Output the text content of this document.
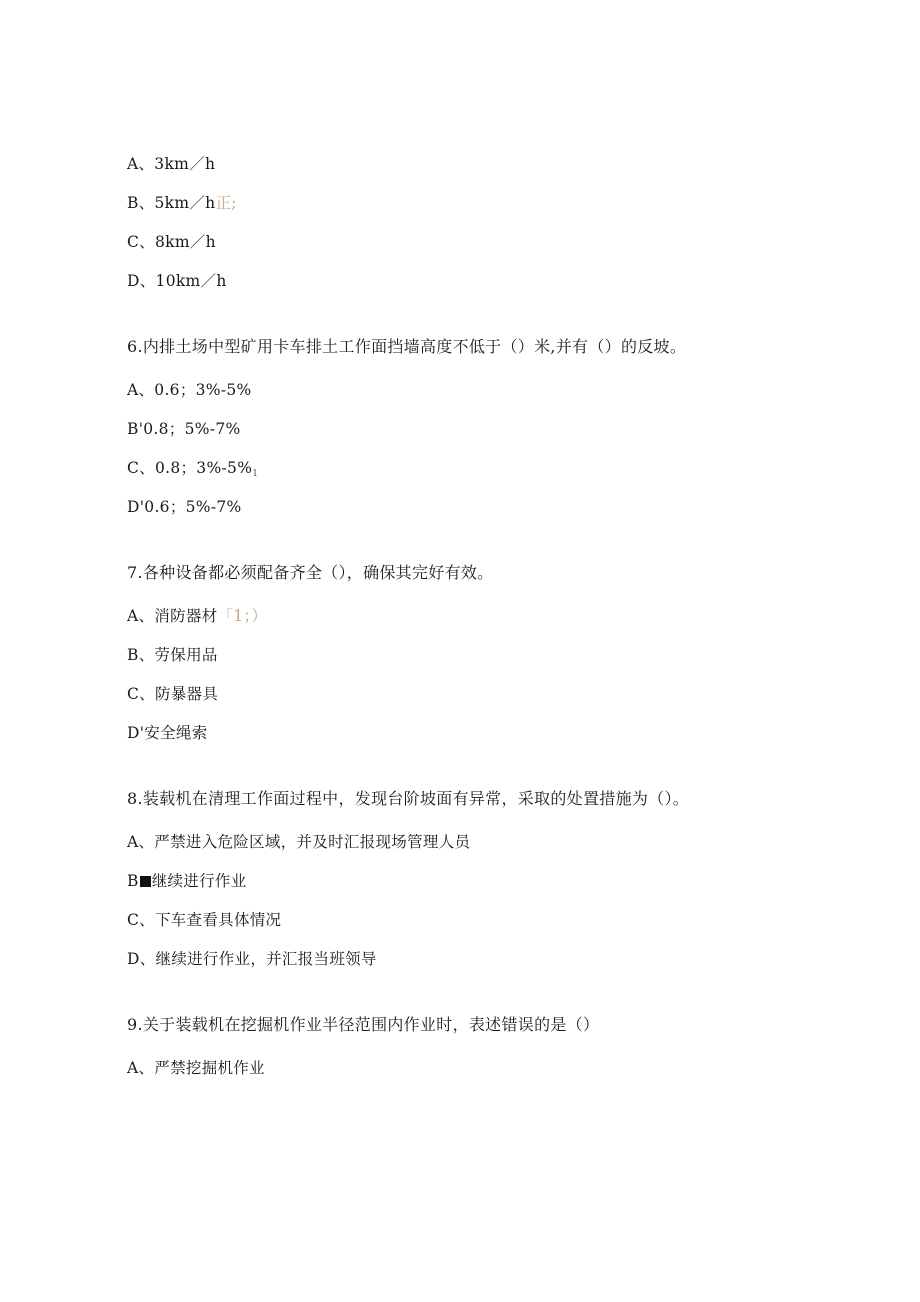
A、3km／h
B、5km／h正;
C、8km／h
D、10km／h
6.内排土场中型矿用卡车排土工作面挡墙高度不低于（）米,并有（）的反坡。
A、0.6；3%-5%
B'0.8；5%-7%
C、0.8；$3\%-5\%_1$
D'0.6；5%-7%
7.各种设备都必须配备齐全（），确保其完好有效。
A、消防器材「1；）
B、劳保用品
C、防暴器具
D'安全绳索
8.装载机在清理工作面过程中，发现台阶坡面有异常，采取的处置措施为（）。
A、严禁进入危险区域，并及时汇报现场管理人员
B 继续进行作业
C、下车查看具体情况
D、继续进行作业，并汇报当班领导
9.关于装载机在挖掘机作业半径范围内作业时，表述错误的是（）
A、严禁挖掘机作业
